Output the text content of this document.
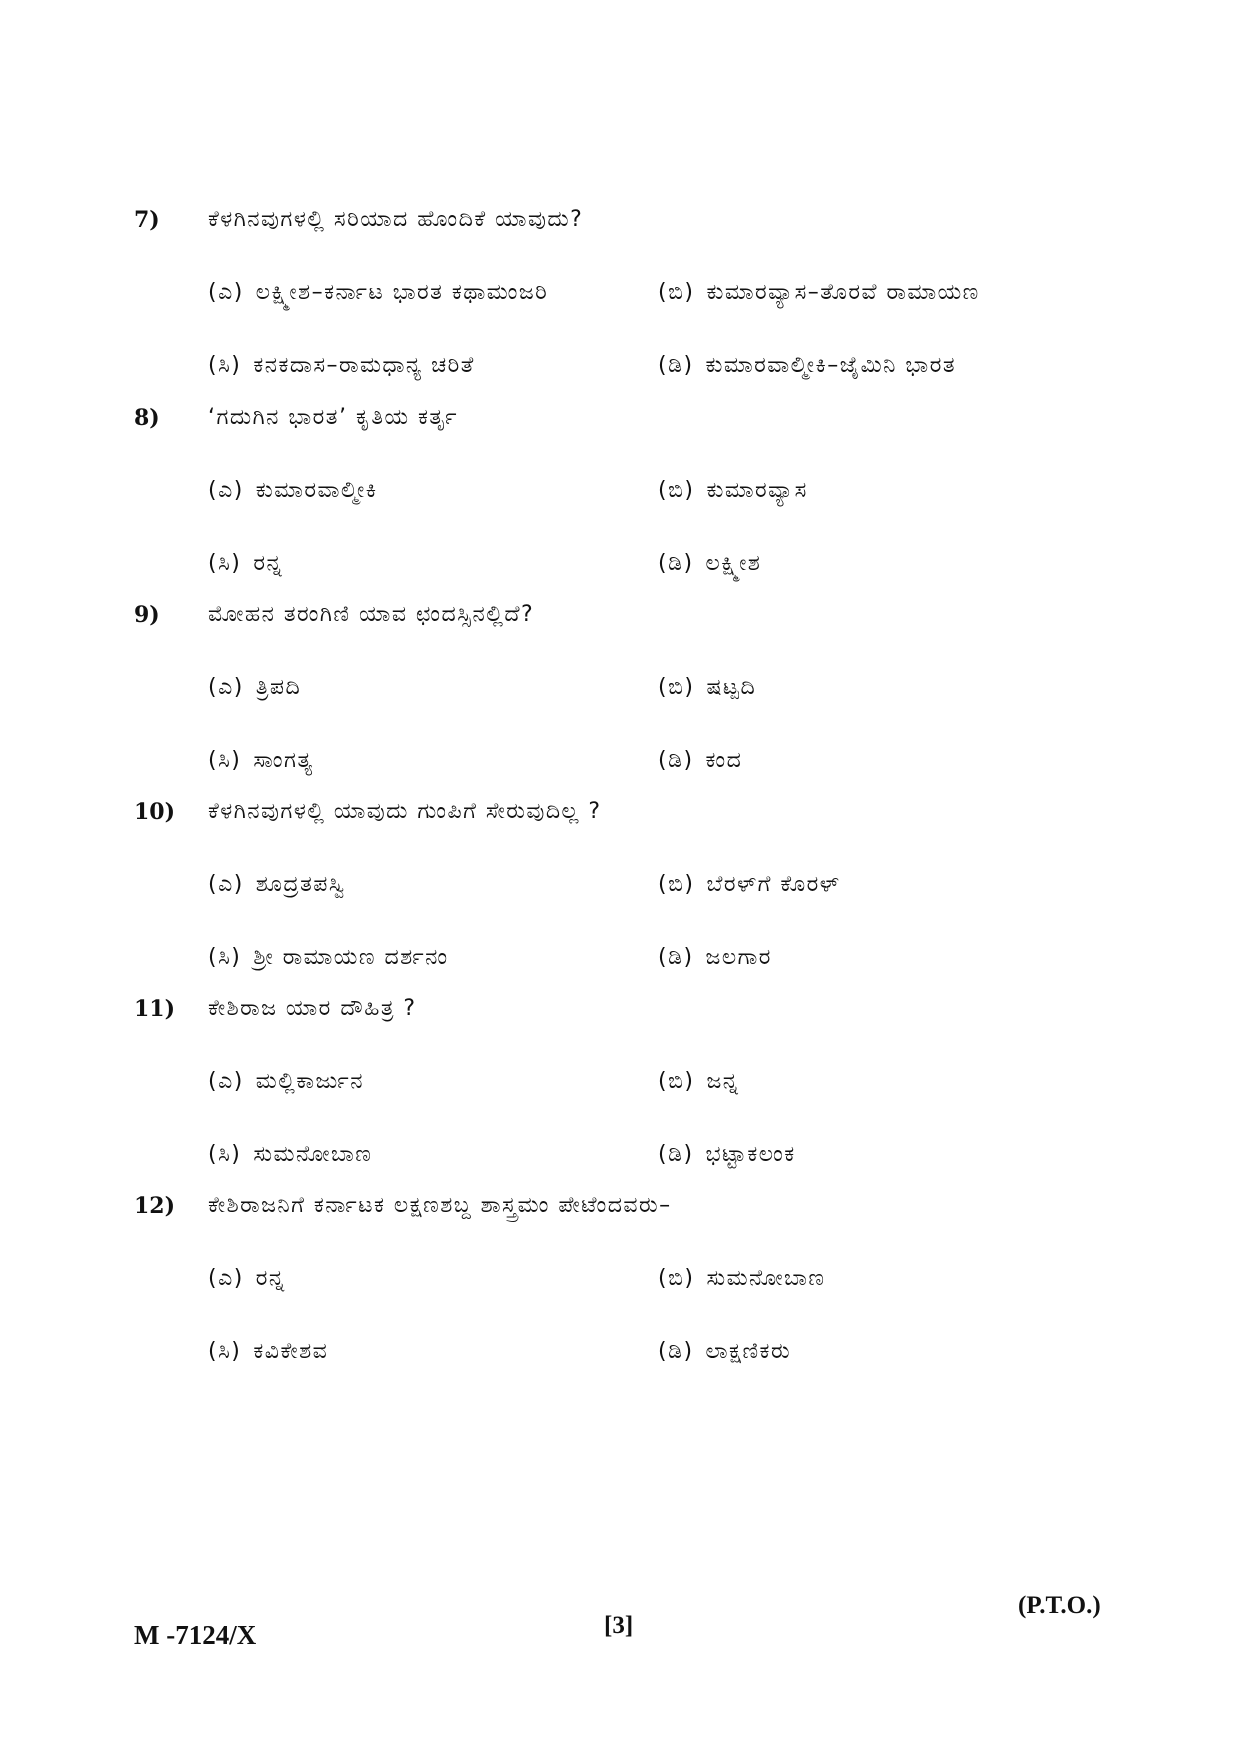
7) ಕೆಳಗಿನವುಗಳಲ್ಲಿ ಸರಿಯಾದ ಹೊಂದಿಕೆ ಯಾವುದು?
(ಎ) ಲಕ್ಷ್ಮೀಶ–ಕರ್ನಾಟ ಭಾರತ ಕಥಾಮಂಜರಿ	(ಬಿ) ಕುಮಾರವ್ಯಾಸ–ತೊರವೆ ರಾಮಾಯಣ
(ಸಿ) ಕನಕದಾಸ–ರಾಮಧಾನ್ಯ ಚರಿತೆ	(ಡಿ) ಕುಮಾರವಾಲ್ಮೀಕಿ–ಜೈಮಿನಿ ಭಾರತ
8) ‘ಗದುಗಿನ ಭಾರತ’ ಕೃತಿಯ ಕರ್ತೃ
(ಎ) ಕುಮಾರವಾಲ್ಮೀಕಿ	(ಬಿ) ಕುಮಾರವ್ಯಾಸ
(ಸಿ) ರನ್ನ	(ಡಿ) ಲಕ್ಷ್ಮೀಶ
9) ಮೋಹನ ತರಂಗಿಣಿ ಯಾವ ಛಂದಸ್ಸಿನಲ್ಲಿದೆ?
(ಎ) ತ್ರಿಪದಿ	(ಬಿ) ಷಟ್ಪದಿ
(ಸಿ) ಸಾಂಗತ್ಯ	(ಡಿ) ಕಂದ
10) ಕೆಳಗಿನವುಗಳಲ್ಲಿ ಯಾವುದು ಗುಂಪಿಗೆ ಸೇರುವುದಿಲ್ಲ ?
(ಎ) ಶೂದ್ರತಪಸ್ವಿ	(ಬಿ) ಬೆರಳ್‌ಗೆ ಕೊರಳ್
(ಸಿ) ಶ್ರೀ ರಾಮಾಯಣ ದರ್ಶನಂ	(ಡಿ) ಜಲಗಾರ
11) ಕೇಶಿರಾಜ ಯಾರ ದೌಹಿತ್ರ ?
(ಎ) ಮಲ್ಲಿಕಾರ್ಜುನ	(ಬಿ) ಜನ್ನ
(ಸಿ) ಸುಮನೋಬಾಣ	(ಡಿ) ಭಟ್ಟಾಕಲಂಕ
12) ಕೇಶಿರಾಜನಿಗೆ ಕರ್ನಾಟಕ ಲಕ್ಷಣಶಬ್ದ ಶಾಸ್ತ್ರಮಂ ಪೇಟೆಂದವರು–
(ಎ) ರನ್ನ	(ಬಿ) ಸುಮನೋಬಾಣ
(ಸಿ) ಕವಿಕೇಶವ	(ಡಿ) ಲಾಕ್ಷಣಿಕರು
M -7124/X	[3]
(P.T.O.)
